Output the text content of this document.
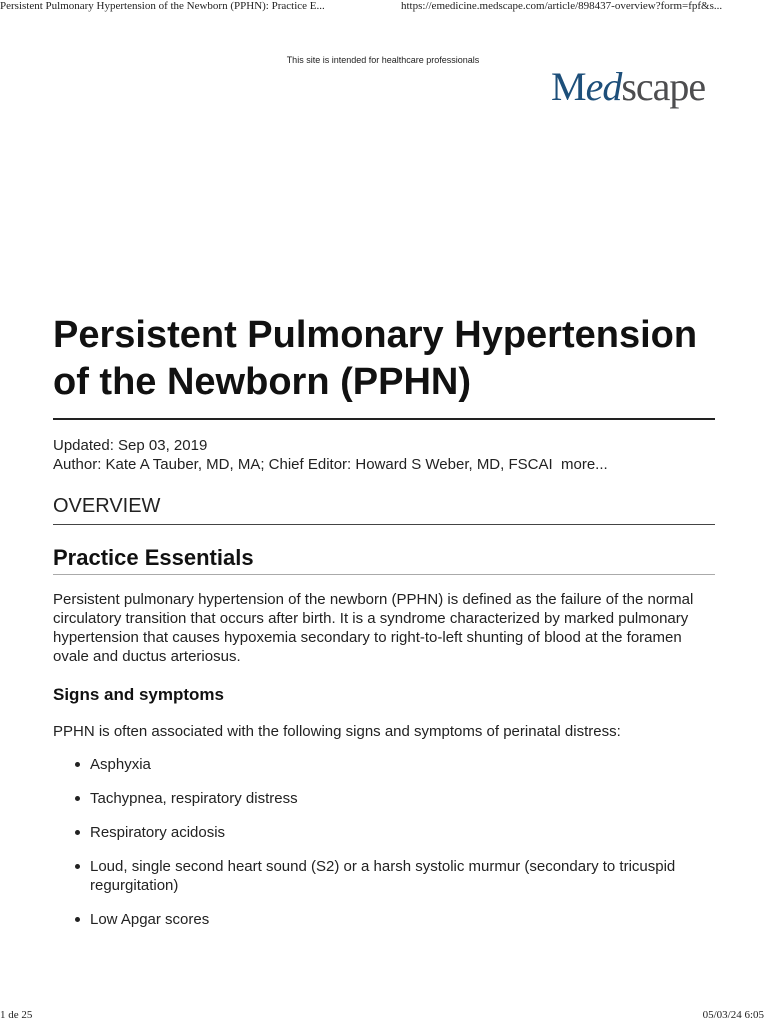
Persistent Pulmonary Hypertension of the Newborn (PPHN): Practice E...	https://emedicine.medscape.com/article/898437-overview?form=fpf&s...
This site is intended for healthcare professionals
Medscape
Persistent Pulmonary Hypertension of the Newborn (PPHN)
Updated: Sep 03, 2019
Author: Kate A Tauber, MD, MA; Chief Editor: Howard S Weber, MD, FSCAI more...
OVERVIEW
Practice Essentials
Persistent pulmonary hypertension of the newborn (PPHN) is defined as the failure of the normal circulatory transition that occurs after birth. It is a syndrome characterized by marked pulmonary hypertension that causes hypoxemia secondary to right-to-left shunting of blood at the foramen ovale and ductus arteriosus.
Signs and symptoms
PPHN is often associated with the following signs and symptoms of perinatal distress:
Asphyxia
Tachypnea, respiratory distress
Respiratory acidosis
Loud, single second heart sound (S2) or a harsh systolic murmur (secondary to tricuspid regurgitation)
Low Apgar scores
1 de 25	05/03/24 6:05
